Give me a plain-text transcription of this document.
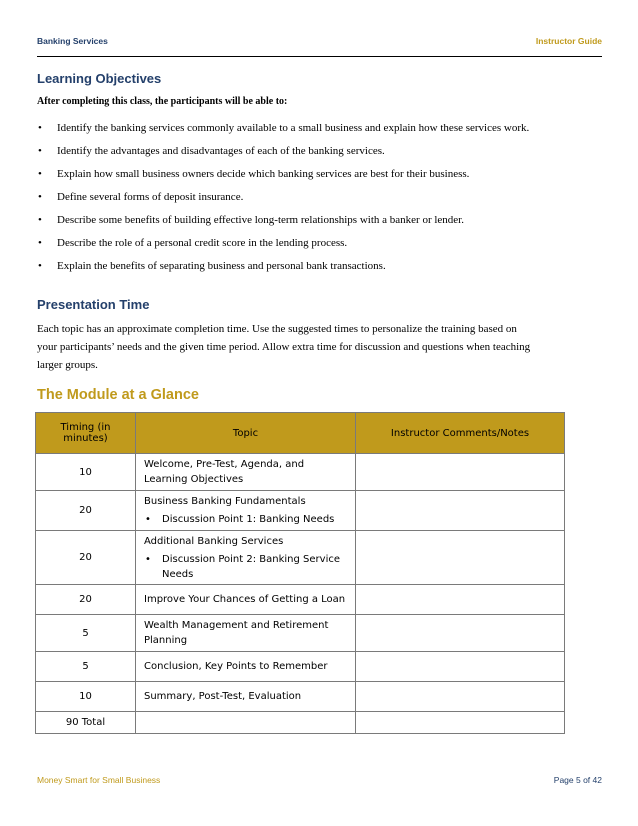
Banking Services	Instructor Guide
Learning Objectives
After completing this class, the participants will be able to:
• Identify the banking services commonly available to a small business and explain how these services work.
• Identify the advantages and disadvantages of each of the banking services.
• Explain how small business owners decide which banking services are best for their business.
• Define several forms of deposit insurance.
• Describe some benefits of building effective long-term relationships with a banker or lender.
• Describe the role of a personal credit score in the lending process.
• Explain the benefits of separating business and personal bank transactions.
Presentation Time
Each topic has an approximate completion time. Use the suggested times to personalize the training based on
your participants’ needs and the given time period. Allow extra time for discussion and questions when teaching
larger groups.
The Module at a Glance
Timing (in minutes)	Topic	Instructor Comments/Notes
10	Welcome, Pre-Test, Agenda, and Learning Objectives	
20	Business Banking Fundamentals
• Discussion Point 1: Banking Needs	

20	Additional Banking Services
• Discussion Point 2: Banking Service Needs	

20	Improve Your Chances of Getting a Loan	
5	Wealth Management and Retirement Planning	
5	Conclusion, Key Points to Remember	
10	Summary, Post-Test, Evaluation	
90 Total		
Money Smart for Small Business	Page 5 of 42
